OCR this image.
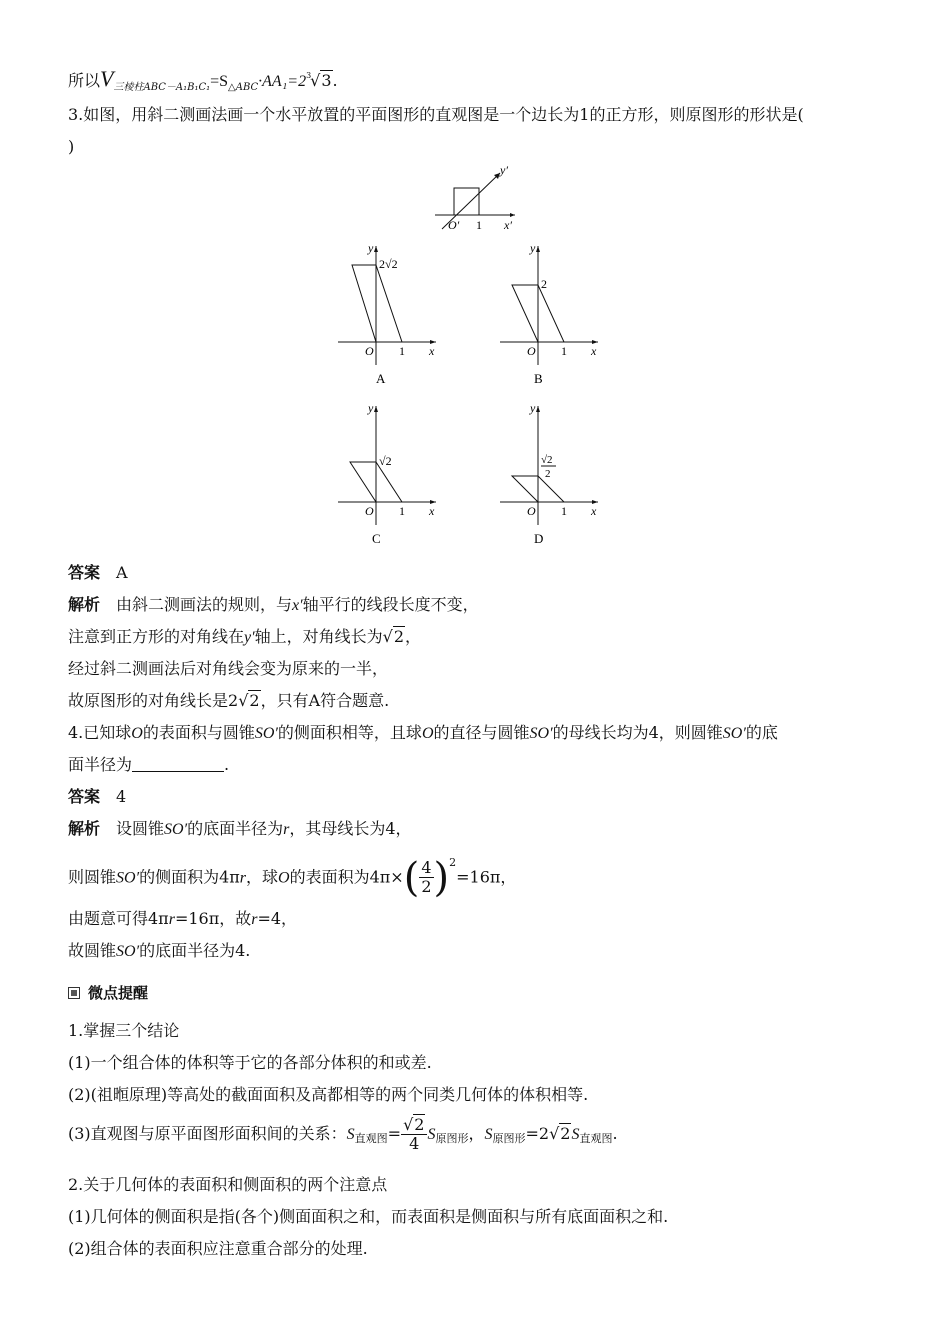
所以$V_{三棱柱ABC-A_1B_1C_1}=S_{\triangle ABC}\cdot AA_1=2^3√3$.
3.如图，用斜二测画法画一个水平放置的平面图形的直观图是一个边长为1的正方形，则原图形的形状是(
)
O′ 1 x′
y′
y
2√2
O 1 x
A
y
2
O 1 x
B
y
√2
O 1 x
C
y
√2
2
O 1 x
D
答案 A
解析 由斜二测画法的规则，与x′轴平行的线段长度不变，
注意到正方形的对角线在y′轴上，对角线长为√2，
经过斜二测画法后对角线会变为原来的一半，
故原图形的对角线长是2√2，只有A符合题意.
4.已知球O的表面积与圆锥SO′的侧面积相等，且球O的直径与圆锥SO′的母线长均为4，则圆锥SO′的底
面半径为	.
答案 4
解析 设圆锥SO′的底面半径为r，其母线长为4，
则圆锥SO′的侧面积为4πr，球O的表面积为$4\pi\times( \frac{4}{2} )^2=16\pi$，
由题意可得4πr=16π，故r=4，
故圆锥SO′的底面半径为4.
微点提醒
1.掌握三个结论
(1)一个组合体的体积等于它的各部分体积的和或差.
(2)(祖暅原理)等高处的截面面积及高都相等的两个同类几何体的体积相等.
(3)直观图与原平面图形面积间的关系：S直观图= $\frac{√2}{4}$ S原图形，S原图形=2√2S直观图.
2.关于几何体的表面积和侧面积的两个注意点
(1)几何体的侧面积是指(各个)侧面面积之和，而表面积是侧面积与所有底面面积之和.
(2)组合体的表面积应注意重合部分的处理.
